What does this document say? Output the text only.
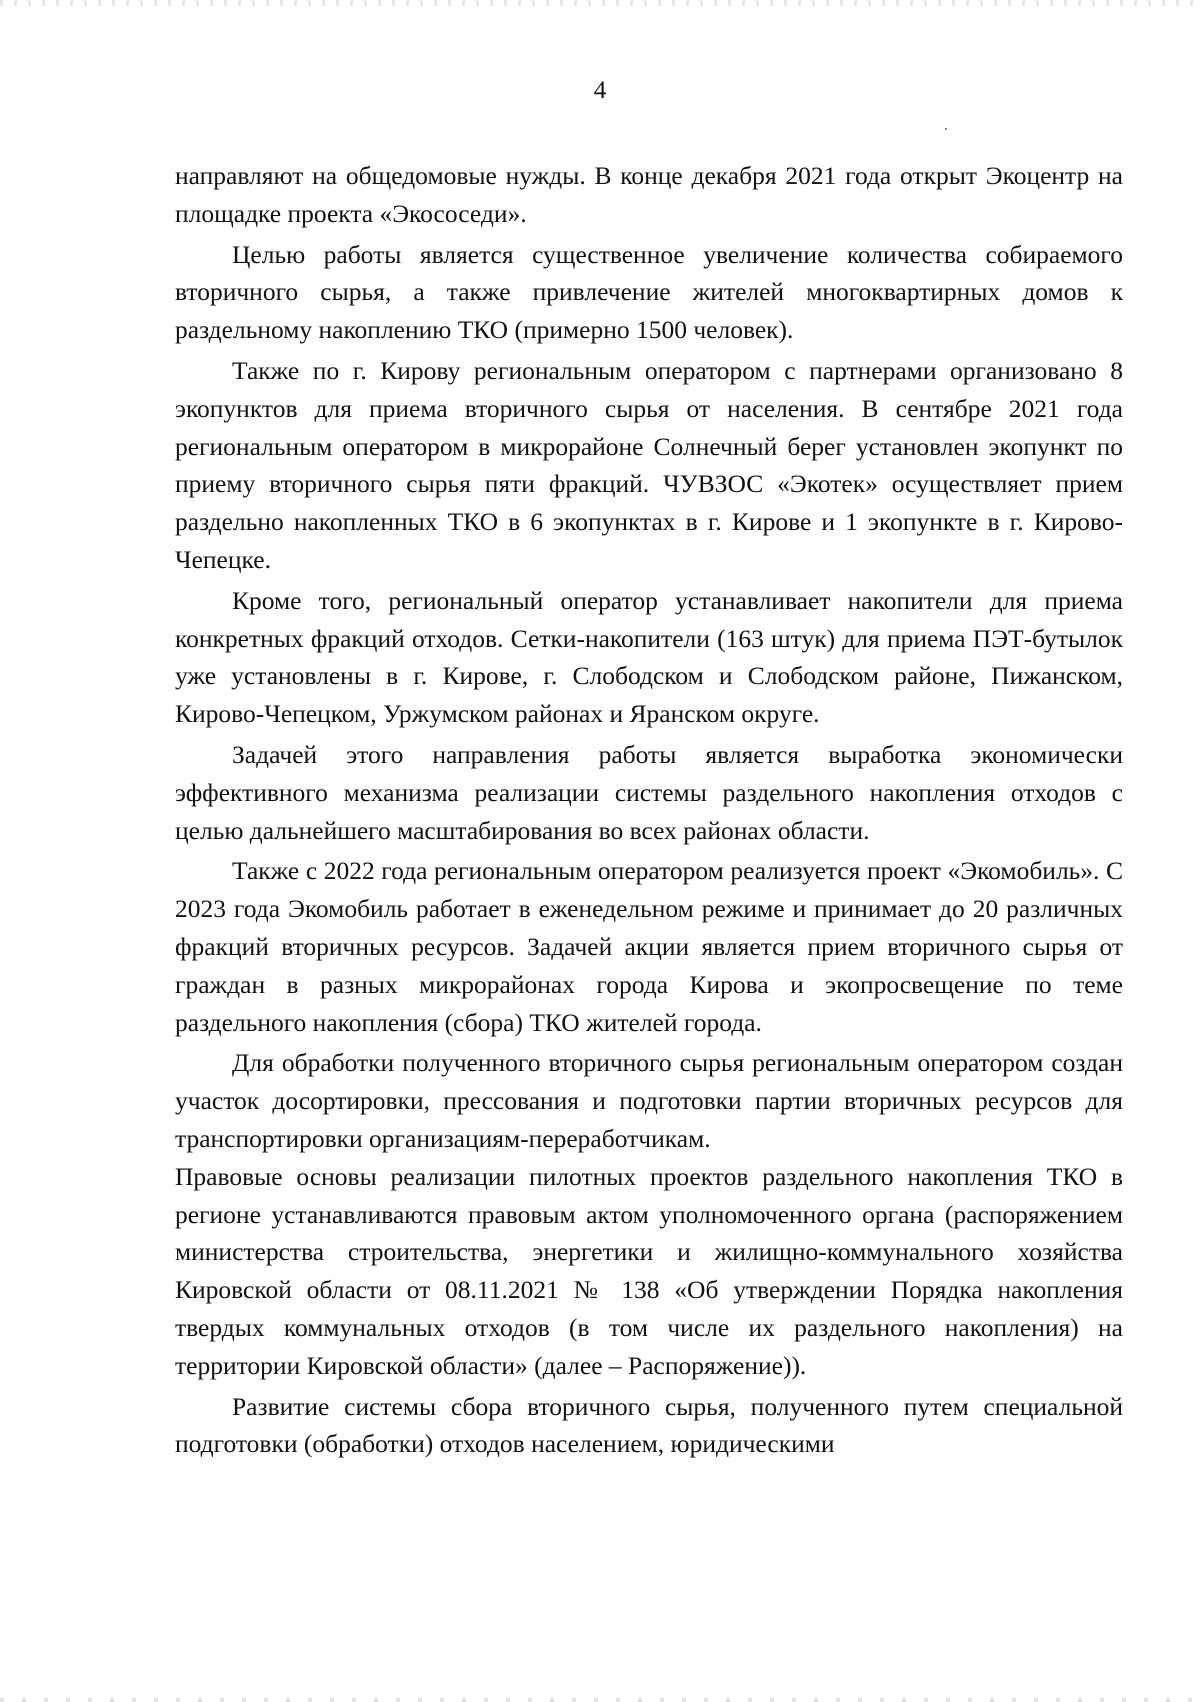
4

направляют на общедомовые нужды. В конце декабря 2021 года открыт Экоцентр на площадке проекта «Экососеди».

Целью работы является существенное увеличение количества собираемого вторичного сырья, а также привлечение жителей многоквартирных домов к раздельному накоплению ТКО (примерно 1500 человек).

Также по г. Кирову региональным оператором с партнерами организовано 8 экопунктов для приема вторичного сырья от населения. В сентябре 2021 года региональным оператором в микрорайоне Солнечный берег установлен экопункт по приему вторичного сырья пяти фракций. ЧУВЗОС «Экотек» осуществляет прием раздельно накопленных ТКО в 6 экопунктах в г. Кирове и 1 экопункте в г. Кирово-Чепецке.

Кроме того, региональный оператор устанавливает накопители для приема конкретных фракций отходов. Сетки-накопители (163 штук) для приема ПЭТ-бутылок уже установлены в г. Кирове, г. Слободском и Слободском районе, Пижанском, Кирово-Чепецком, Уржумском районах и Яранском округе.

Задачей этого направления работы является выработка экономически эффективного механизма реализации системы раздельного накопления отходов с целью дальнейшего масштабирования во всех районах области.

Также с 2022 года региональным оператором реализуется проект «Экомобиль». С 2023 года Экомобиль работает в еженедельном режиме и принимает до 20 различных фракций вторичных ресурсов. Задачей акции является прием вторичного сырья от граждан в разных микрорайонах города Кирова и экопросвещение по теме раздельного накопления (сбора) ТКО жителей города.

Для обработки полученного вторичного сырья региональным оператором создан участок досортировки, прессования и подготовки партии вторичных ресурсов для транспортировки организациям-переработчикам.

Правовые основы реализации пилотных проектов раздельного накопления ТКО в регионе устанавливаются правовым актом уполномоченного органа (распоряжением министерства строительства, энергетики и жилищно-коммунального хозяйства Кировской области от 08.11.2021 № 138 «Об утверждении Порядка накопления твердых коммунальных отходов (в том числе их раздельного накопления) на территории Кировской области» (далее – Распоряжение)).

Развитие системы сбора вторичного сырья, полученного путем специальной подготовки (обработки) отходов населением, юридическими
